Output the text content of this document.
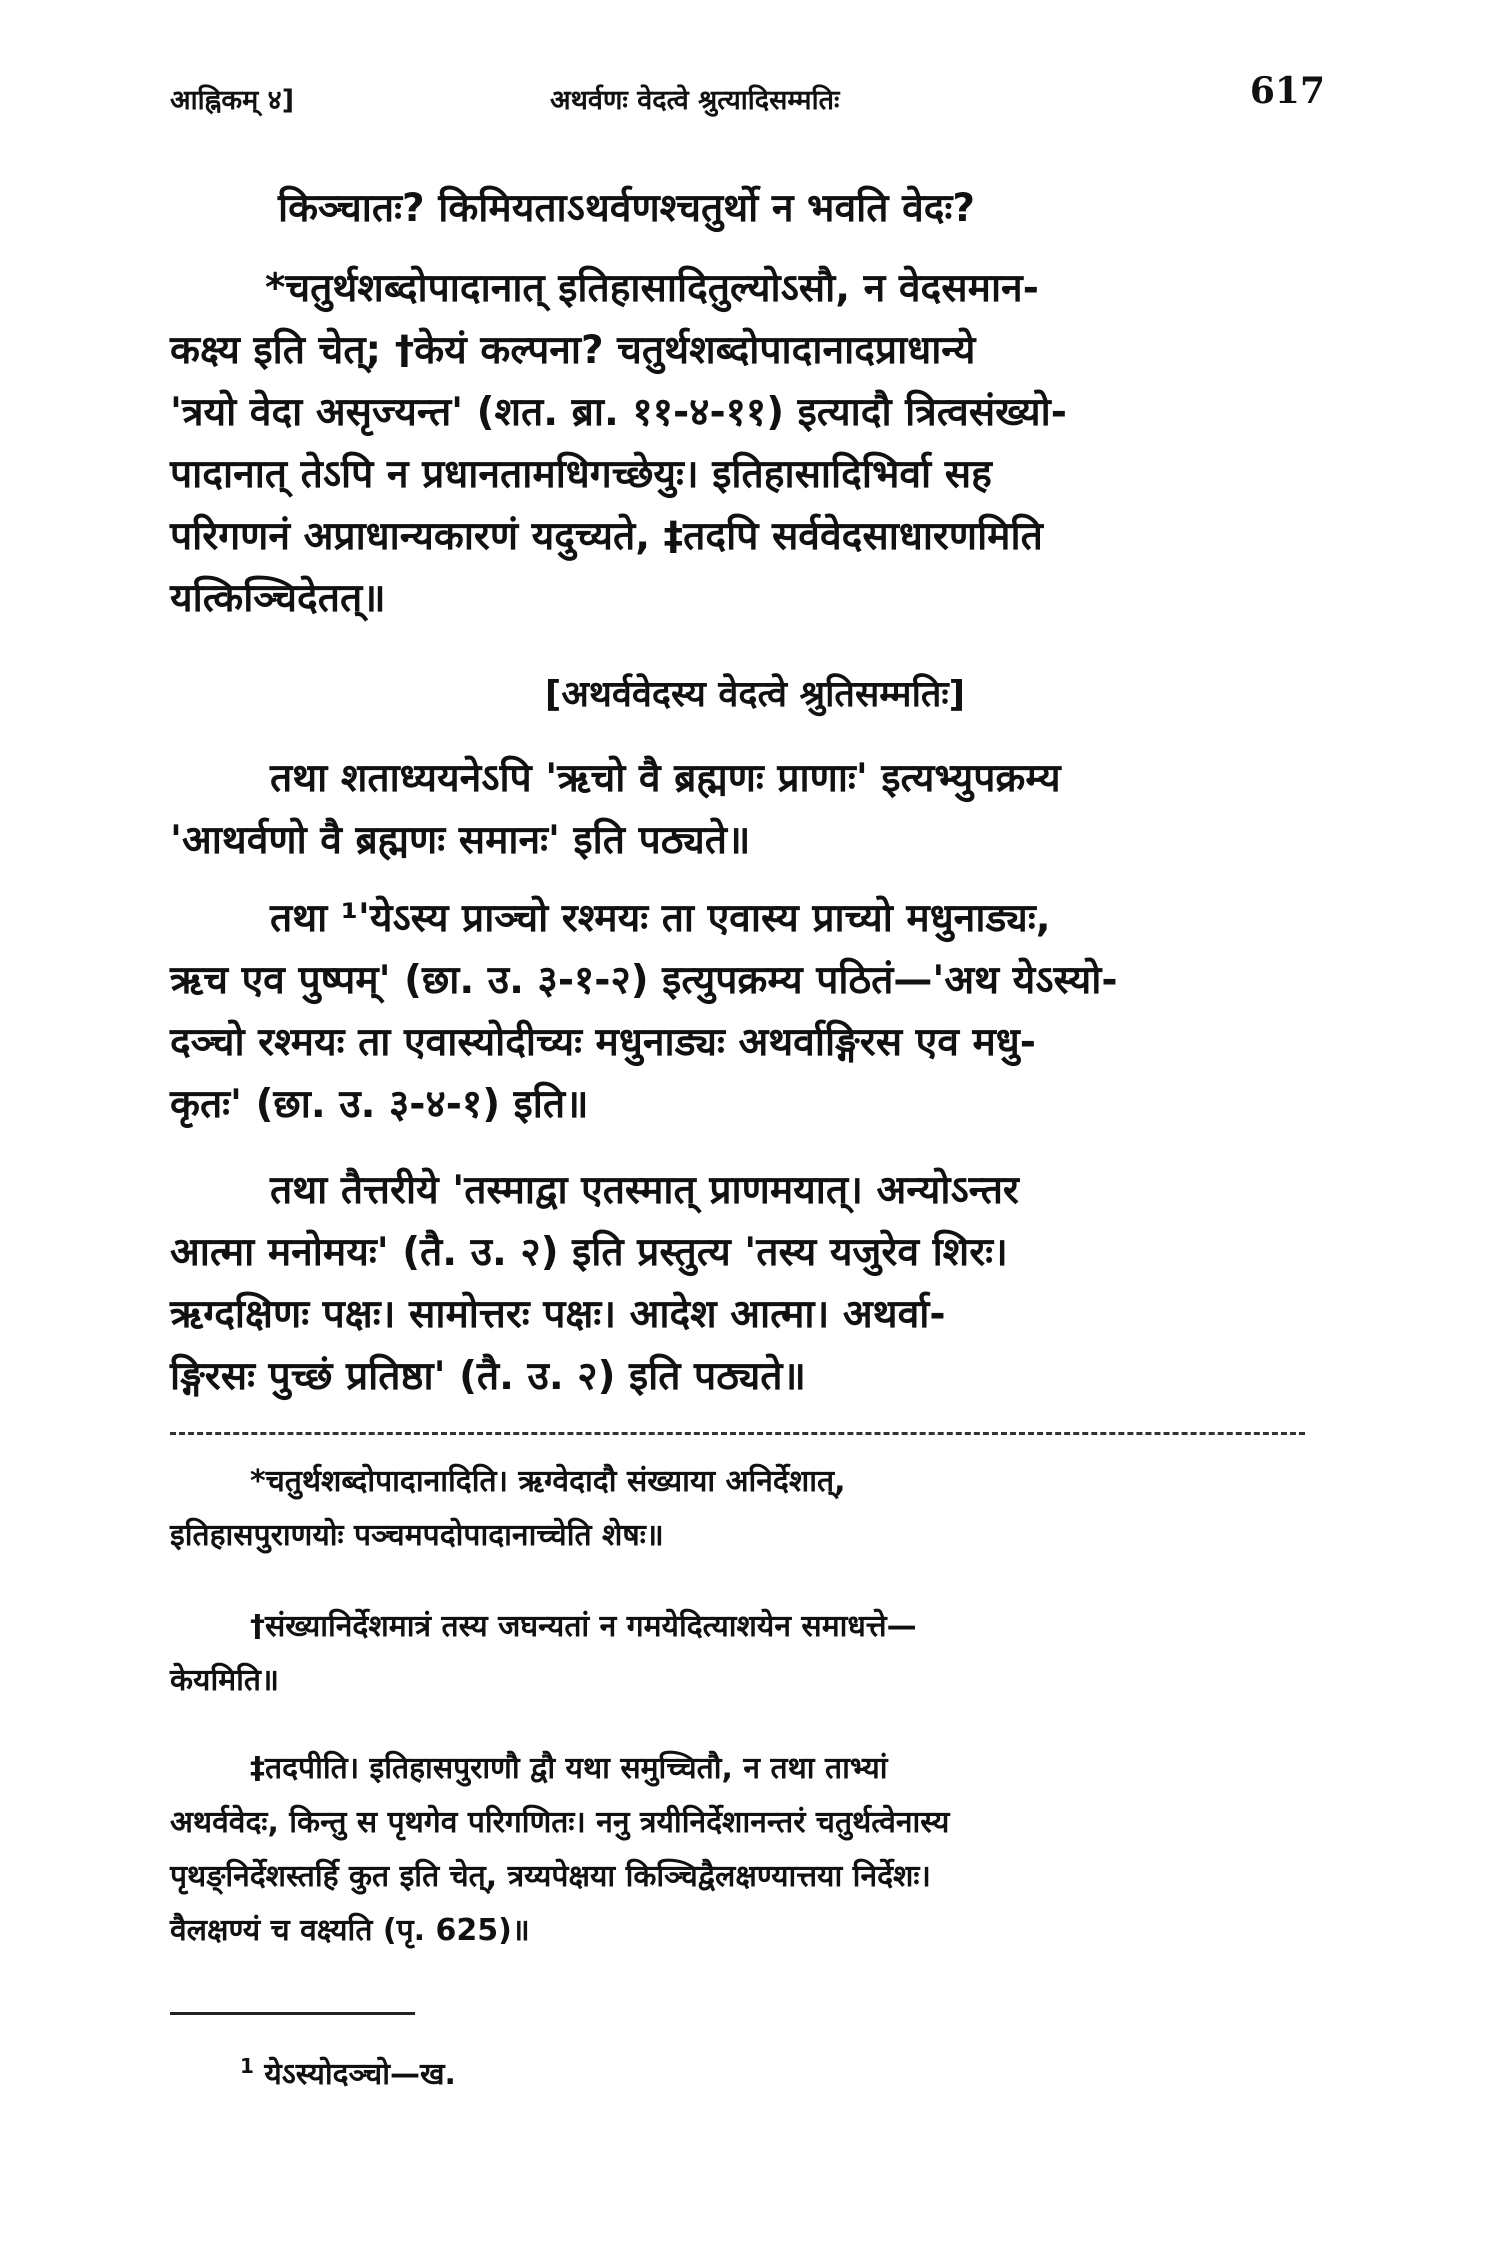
आह्निकम् ४]	अथर्वणः वेदत्वे श्रुत्यादिसम्मतिः	617

किञ्चातः? किमियताऽथर्वणश्चतुर्थो न भवति वेदः?

*चतुर्थशब्दोपादानात् इतिहासादितुल्योऽसौ, न वेदसमान-
कक्ष्य इति चेत्; †केयं कल्पना? चतुर्थशब्दोपादानादप्राधान्ये
'त्रयो वेदा असृज्यन्त' (शत. ब्रा. ११-४-११) इत्यादौ त्रित्वसंख्यो-
पादानात् तेऽपि न प्रधानतामधिगच्छेयुः। इतिहासादिभिर्वा सह
परिगणनं अप्राधान्यकारणं यदुच्यते, ‡तदपि सर्ववेदसाधारणमिति
यत्किञ्चिदेतत्॥

[अथर्ववेदस्य वेदत्वे श्रुतिसम्मतिः]

तथा शताध्ययनेऽपि 'ऋचो वै ब्रह्मणः प्राणाः' इत्यभ्युपक्रम्य
'आथर्वणो वै ब्रह्मणः समानः' इति पठ्यते॥

तथा ¹'येऽस्य प्राञ्चो रश्मयः ता एवास्य प्राच्यो मधुनाड्यः,
ऋच एव पुष्पम्' (छा. उ. ३-१-२) इत्युपक्रम्य पठितं—'अथ येऽस्यो-
दञ्चो रश्मयः ता एवास्योदीच्यः मधुनाड्यः अथर्वाङ्गिरस एव मधु-
कृतः' (छा. उ. ३-४-१) इति॥

तथा तैत्तरीये 'तस्माद्वा एतस्मात् प्राणमयात्। अन्योऽन्तर
आत्मा मनोमयः' (तै. उ. २) इति प्रस्तुत्य 'तस्य यजुरेव शिरः।
ऋग्दक्षिणः पक्षः। सामोत्तरः पक्षः। आदेश आत्मा। अथर्वा-
ङ्गिरसः पुच्छं प्रतिष्ठा' (तै. उ. २) इति पठ्यते॥

*चतुर्थशब्दोपादानादिति। ऋग्वेदादौ संख्याया अनिर्देशात्,
इतिहासपुराणयोः पञ्चमपदोपादानाच्चेति शेषः॥

†संख्यानिर्देशमात्रं तस्य जघन्यतां न गमयेदित्याशयेन समाधत्ते—
केयमिति॥

‡तदपीति। इतिहासपुराणौ द्वौ यथा समुच्चितौ, न तथा ताभ्यां
अथर्ववेदः, किन्तु स पृथगेव परिगणितः। ननु त्रयीनिर्देशानन्तरं चतुर्थत्वेनास्य
पृथङ्निर्देशस्तर्हि कुत इति चेत्, त्रय्यपेक्षया किञ्चिद्वैलक्षण्यात्तया निर्देशः।
वैलक्षण्यं च वक्ष्यति (पृ. 625)॥

$^1$ येऽस्योदञ्चो—ख.
